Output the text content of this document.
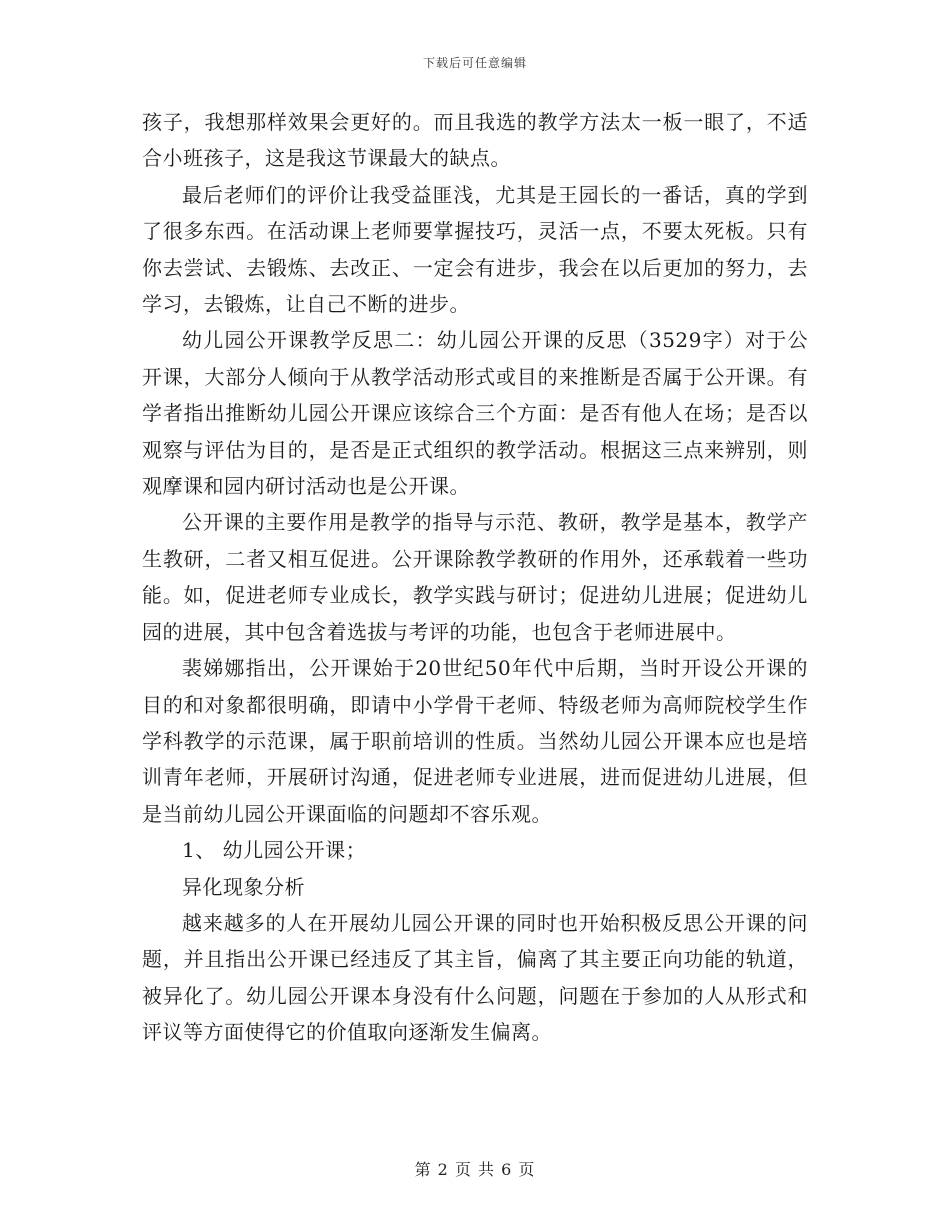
下载后可任意编辑

孩子，我想那样效果会更好的。而且我选的教学方法太一板一眼了，不适合小班孩子，这是我这节课最大的缺点。

最后老师们的评价让我受益匪浅，尤其是王园长的一番话，真的学到了很多东西。在活动课上老师要掌握技巧，灵活一点，不要太死板。只有你去尝试、去锻炼、去改正、一定会有进步，我会在以后更加的努力，去学习，去锻炼，让自己不断的进步。

幼儿园公开课教学反思二：幼儿园公开课的反思（3529字）对于公开课，大部分人倾向于从教学活动形式或目的来推断是否属于公开课。有学者指出推断幼儿园公开课应该综合三个方面：是否有他人在场；是否以观察与评估为目的，是否是正式组织的教学活动。根据这三点来辨别，则观摩课和园内研讨活动也是公开课。

公开课的主要作用是教学的指导与示范、教研，教学是基本，教学产生教研，二者又相互促进。公开课除教学教研的作用外，还承载着一些功能。如，促进老师专业成长，教学实践与研讨；促进幼儿进展；促进幼儿园的进展，其中包含着选拔与考评的功能，也包含于老师进展中。

裴娣娜指出，公开课始于20世纪50年代中后期，当时开设公开课的目的和对象都很明确，即请中小学骨干老师、特级老师为高师院校学生作学科教学的示范课，属于职前培训的性质。当然幼儿园公开课本应也是培训青年老师，开展研讨沟通，促进老师专业进展，进而促进幼儿进展，但是当前幼儿园公开课面临的问题却不容乐观。

1、 幼儿园公开课；

异化现象分析

越来越多的人在开展幼儿园公开课的同时也开始积极反思公开课的问题，并且指出公开课已经违反了其主旨，偏离了其主要正向功能的轨道，被异化了。幼儿园公开课本身没有什么问题，问题在于参加的人从形式和评议等方面使得它的价值取向逐渐发生偏离。

第 2 页 共 6 页
